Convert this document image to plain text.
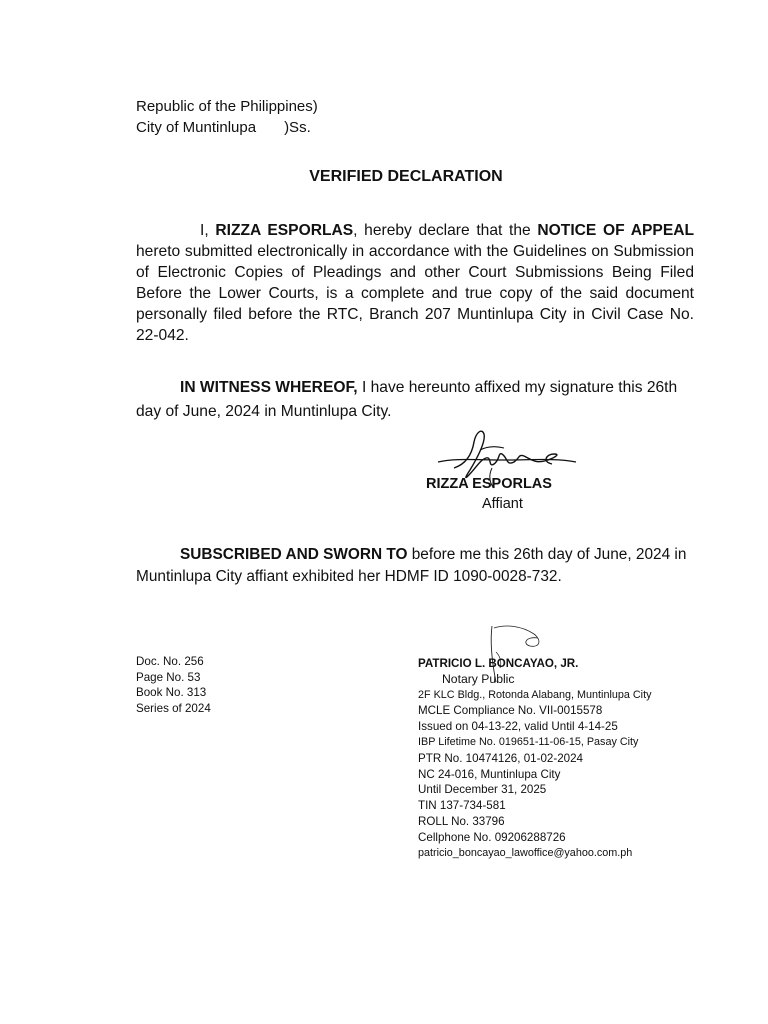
Republic of the Philippines)
City of Muntinlupa )Ss.
VERIFIED DECLARATION
I, RIZZA ESPORLAS, hereby declare that the NOTICE OF APPEAL hereto submitted electronically in accordance with the Guidelines on Submission of Electronic Copies of Pleadings and other Court Submissions Being Filed Before the Lower Courts, is a complete and true copy of the said document personally filed before the RTC, Branch 207 Muntinlupa City in Civil Case No. 22-042.
IN WITNESS WHEREOF, I have hereunto affixed my signature this 26th day of June, 2024 in Muntinlupa City.
RIZZA ESPORLAS
Affiant
SUBSCRIBED AND SWORN TO before me this 26th day of June, 2024 in Muntinlupa City affiant exhibited her HDMF ID 1090-0028-732.
Doc. No. 256
Page No. 53
Book No. 313
Series of 2024
PATRICIO L. BONCAYAO, JR.
Notary Public
2F KLC Bldg., Rotonda Alabang, Muntinlupa City
MCLE Compliance No. VII-0015578
Issued on 04-13-22, valid Until 4-14-25
IBP Lifetime No. 019651-11-06-15, Pasay City
PTR No. 10474126, 01-02-2024
NC 24-016, Muntinlupa City
Until December 31, 2025
TIN 137-734-581
ROLL No. 33796
Cellphone No. 09206288726
patricio_boncayao_lawoffice@yahoo.com.ph
